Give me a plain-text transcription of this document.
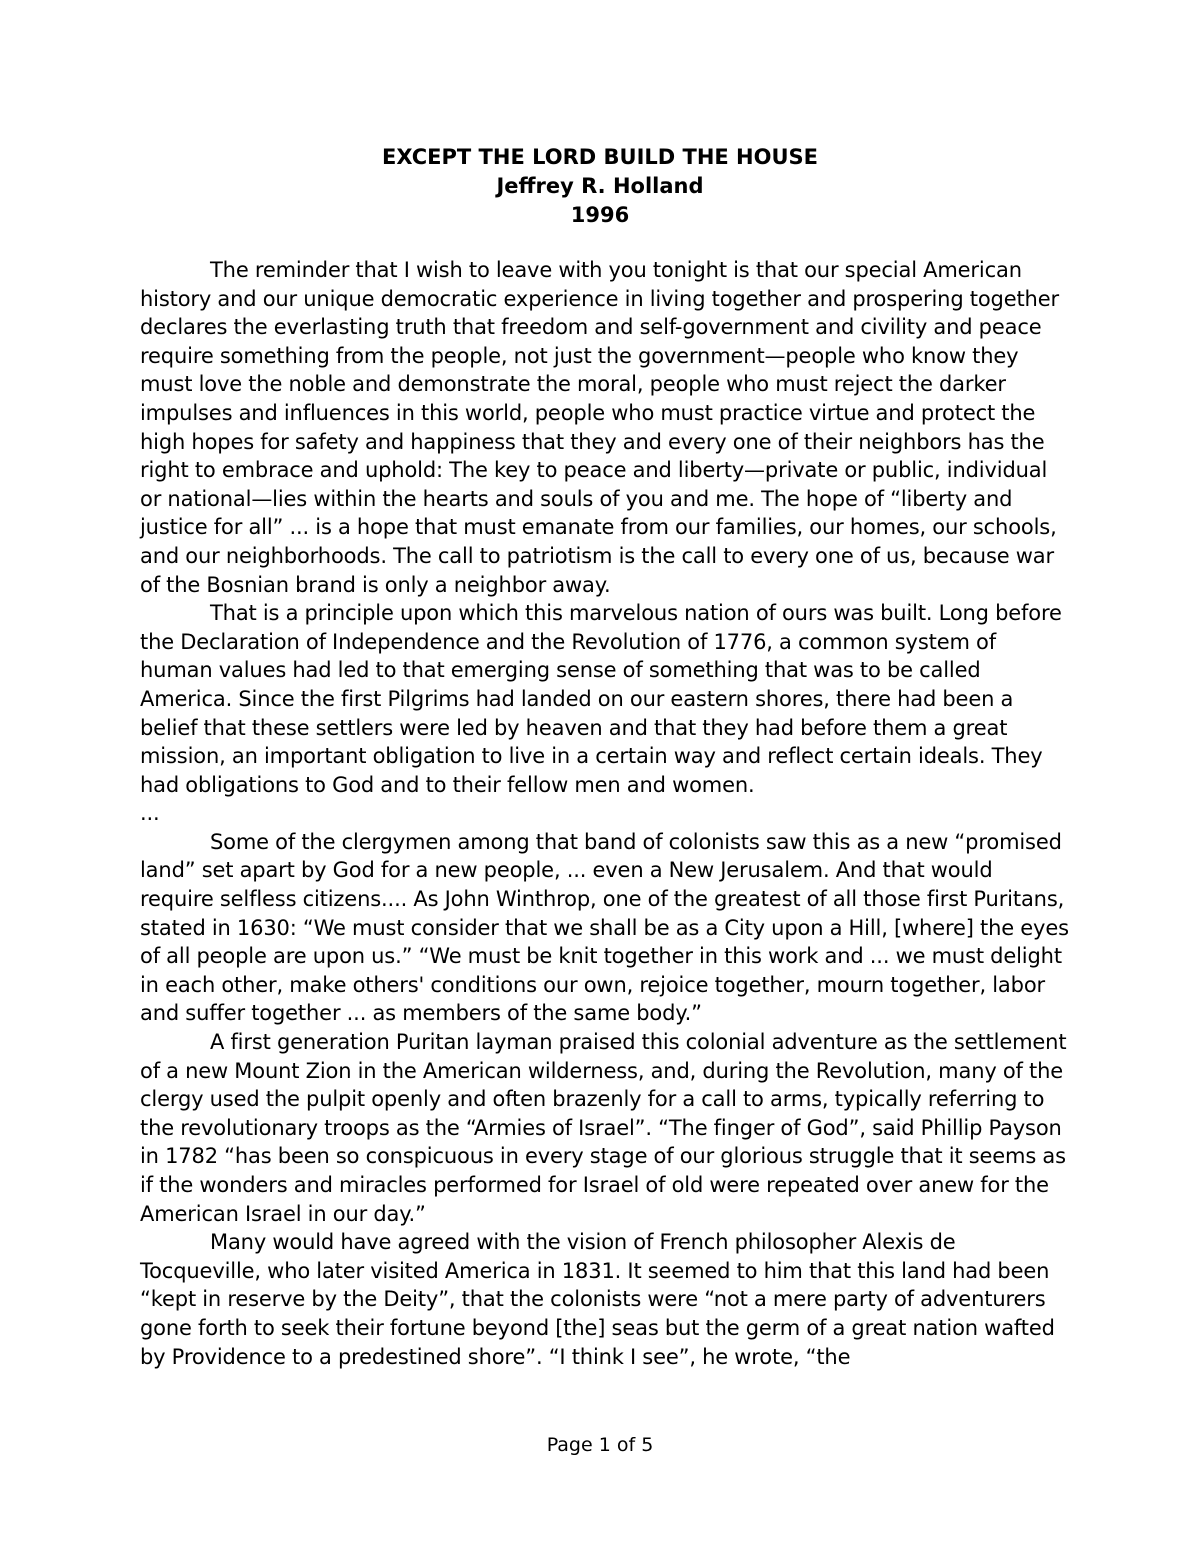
EXCEPT THE LORD BUILD THE HOUSE
Jeffrey R. Holland
1996

The reminder that I wish to leave with you tonight is that our special American history and our unique democratic experience in living together and prospering together declares the everlasting truth that freedom and self-government and civility and peace require something from the people, not just the government—people who know they must love the noble and demonstrate the moral, people who must reject the darker impulses and influences in this world, people who must practice virtue and protect the high hopes for safety and happiness that they and every one of their neighbors has the right to embrace and uphold: The key to peace and liberty—private or public, individual or national—lies within the hearts and souls of you and me. The hope of “liberty and justice for all” ... is a hope that must emanate from our families, our homes, our schools, and our neighborhoods. The call to patriotism is the call to every one of us, because war of the Bosnian brand is only a neighbor away.

That is a principle upon which this marvelous nation of ours was built. Long before the Declaration of Independence and the Revolution of 1776, a common system of human values had led to that emerging sense of something that was to be called America. Since the first Pilgrims had landed on our eastern shores, there had been a belief that these settlers were led by heaven and that they had before them a great mission, an important obligation to live in a certain way and reflect certain ideals. They had obligations to God and to their fellow men and women.

...

Some of the clergymen among that band of colonists saw this as a new “promised land” set apart by God for a new people, ... even a New Jerusalem. And that would require selfless citizens.... As John Winthrop, one of the greatest of all those first Puritans, stated in 1630: “We must consider that we shall be as a City upon a Hill, [where] the eyes of all people are upon us.” “We must be knit together in this work and ... we must delight in each other, make others' conditions our own, rejoice together, mourn together, labor and suffer together ... as members of the same body.”

A first generation Puritan layman praised this colonial adventure as the settlement of a new Mount Zion in the American wilderness, and, during the Revolution, many of the clergy used the pulpit openly and often brazenly for a call to arms, typically referring to the revolutionary troops as the “Armies of Israel”. “The finger of God”, said Phillip Payson in 1782 “has been so conspicuous in every stage of our glorious struggle that it seems as if the wonders and miracles performed for Israel of old were repeated over anew for the American Israel in our day.”

Many would have agreed with the vision of French philosopher Alexis de Tocqueville, who later visited America in 1831. It seemed to him that this land had been “kept in reserve by the Deity”, that the colonists were “not a mere party of adventurers gone forth to seek their fortune beyond [the] seas but the germ of a great nation wafted by Providence to a predestined shore”. “I think I see”, he wrote, “the

Page 1 of 5
